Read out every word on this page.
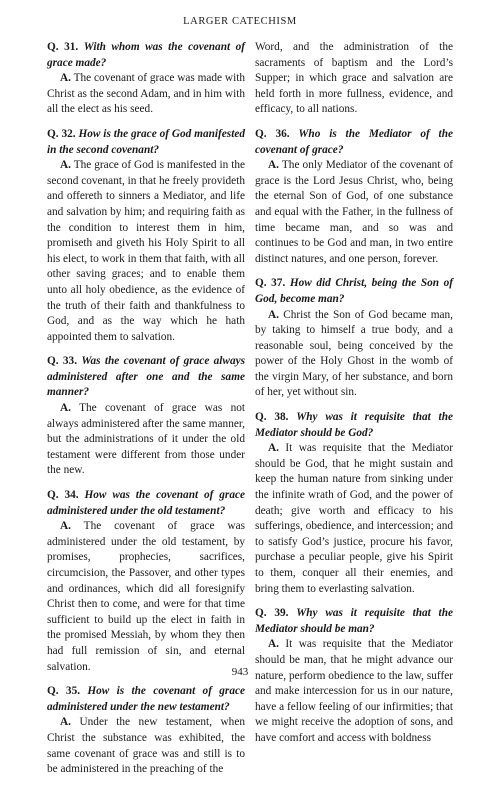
LARGER CATECHISM

Q. 31. With whom was the covenant of grace made?

A. The covenant of grace was made with Christ as the second Adam, and in him with all the elect as his seed.

Q. 32. How is the grace of God manifested in the second covenant?

A. The grace of God is manifested in the second covenant, in that he freely provideth and offereth to sinners a Mediator, and life and salvation by him; and requiring faith as the condition to interest them in him, promiseth and giveth his Holy Spirit to all his elect, to work in them that faith, with all other saving graces; and to enable them unto all holy obedience, as the evidence of the truth of their faith and thankfulness to God, and as the way which he hath appointed them to salvation.

Q. 33. Was the covenant of grace always administered after one and the same manner?

A. The covenant of grace was not always administered after the same manner, but the administrations of it under the old testament were different from those under the new.

Q. 34. How was the covenant of grace administered under the old testament?

A. The covenant of grace was administered under the old testament, by promises, prophecies, sacrifices, circumcision, the Passover, and other types and ordinances, which did all foresignify Christ then to come, and were for that time sufficient to build up the elect in faith in the promised Messiah, by whom they then had full remission of sin, and eternal salvation.

Q. 35. How is the covenant of grace administered under the new testament?

A. Under the new testament, when Christ the substance was exhibited, the same covenant of grace was and still is to be administered in the preaching of the

Word, and the administration of the sacraments of baptism and the Lord’s Supper; in which grace and salvation are held forth in more fullness, evidence, and efficacy, to all nations.

Q. 36. Who is the Mediator of the covenant of grace?

A. The only Mediator of the covenant of grace is the Lord Jesus Christ, who, being the eternal Son of God, of one substance and equal with the Father, in the fullness of time became man, and so was and continues to be God and man, in two entire distinct natures, and one person, forever.

Q. 37. How did Christ, being the Son of God, become man?

A. Christ the Son of God became man, by taking to himself a true body, and a reasonable soul, being conceived by the power of the Holy Ghost in the womb of the virgin Mary, of her substance, and born of her, yet without sin.

Q. 38. Why was it requisite that the Mediator should be God?

A. It was requisite that the Mediator should be God, that he might sustain and keep the human nature from sinking under the infinite wrath of God, and the power of death; give worth and efficacy to his sufferings, obedience, and intercession; and to satisfy God’s justice, procure his favor, purchase a peculiar people, give his Spirit to them, conquer all their enemies, and bring them to everlasting salvation.

Q. 39. Why was it requisite that the Mediator should be man?

A. It was requisite that the Mediator should be man, that he might advance our nature, perform obedience to the law, suffer and make intercession for us in our nature, have a fellow feeling of our infirmities; that we might receive the adoption of sons, and have comfort and access with boldness

943
